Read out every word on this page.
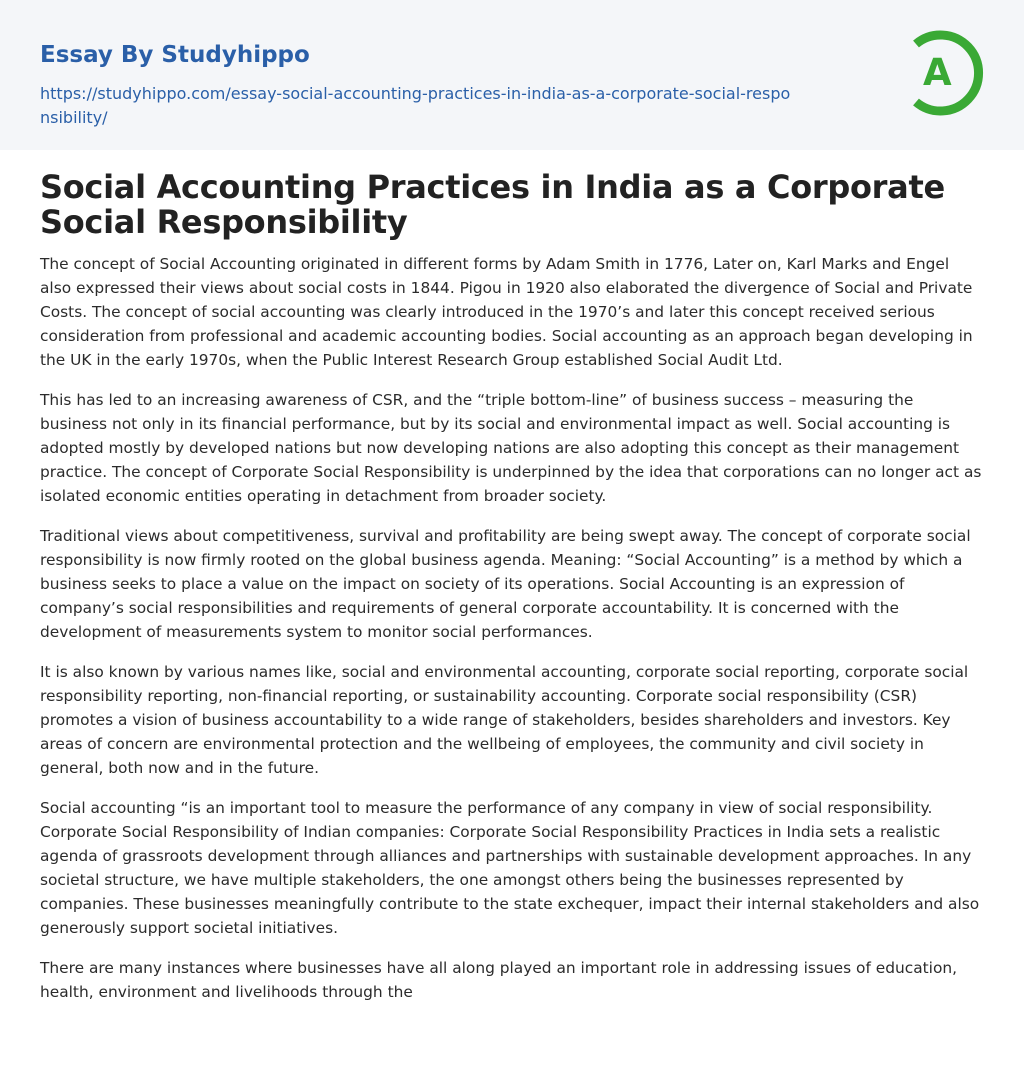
Essay By Studyhippo
https://studyhippo.com/essay-social-accounting-practices-in-india-as-a-corporate-social-responsibility/
A
Social Accounting Practices in India as a Corporate Social Responsibility

The concept of Social Accounting originated in different forms by Adam Smith in 1776, Later on, Karl Marks and Engel also expressed their views about social costs in 1844. Pigou in 1920 also elaborated the divergence of Social and Private Costs. The concept of social accounting was clearly introduced in the 1970’s and later this concept received serious consideration from professional and academic accounting bodies. Social accounting as an approach began developing in the UK in the early 1970s, when the Public Interest Research Group established Social Audit Ltd.

This has led to an increasing awareness of CSR, and the “triple bottom-line” of business success – measuring the business not only in its financial performance, but by its social and environmental impact as well. Social accounting is adopted mostly by developed nations but now developing nations are also adopting this concept as their management practice. The concept of Corporate Social Responsibility is underpinned by the idea that corporations can no longer act as isolated economic entities operating in detachment from broader society.

Traditional views about competitiveness, survival and profitability are being swept away. The concept of corporate social responsibility is now firmly rooted on the global business agenda. Meaning: “Social Accounting” is a method by which a business seeks to place a value on the impact on society of its operations. Social Accounting is an expression of company’s social responsibilities and requirements of general corporate accountability. It is concerned with the development of measurements system to monitor social performances.

It is also known by various names like, social and environmental accounting, corporate social reporting, corporate social responsibility reporting, non-financial reporting, or sustainability accounting. Corporate social responsibility (CSR) promotes a vision of business accountability to a wide range of stakeholders, besides shareholders and investors. Key areas of concern are environmental protection and the wellbeing of employees, the community and civil society in general, both now and in the future.

Social accounting “is an important tool to measure the performance of any company in view of social responsibility. Corporate Social Responsibility of Indian companies: Corporate Social Responsibility Practices in India sets a realistic agenda of grassroots development through alliances and partnerships with sustainable development approaches. In any societal structure, we have multiple stakeholders, the one amongst others being the businesses represented by companies. These businesses meaningfully contribute to the state exchequer, impact their internal stakeholders and also generously support societal initiatives.

There are many instances where businesses have all along played an important role in addressing issues of education, health, environment and livelihoods through the
